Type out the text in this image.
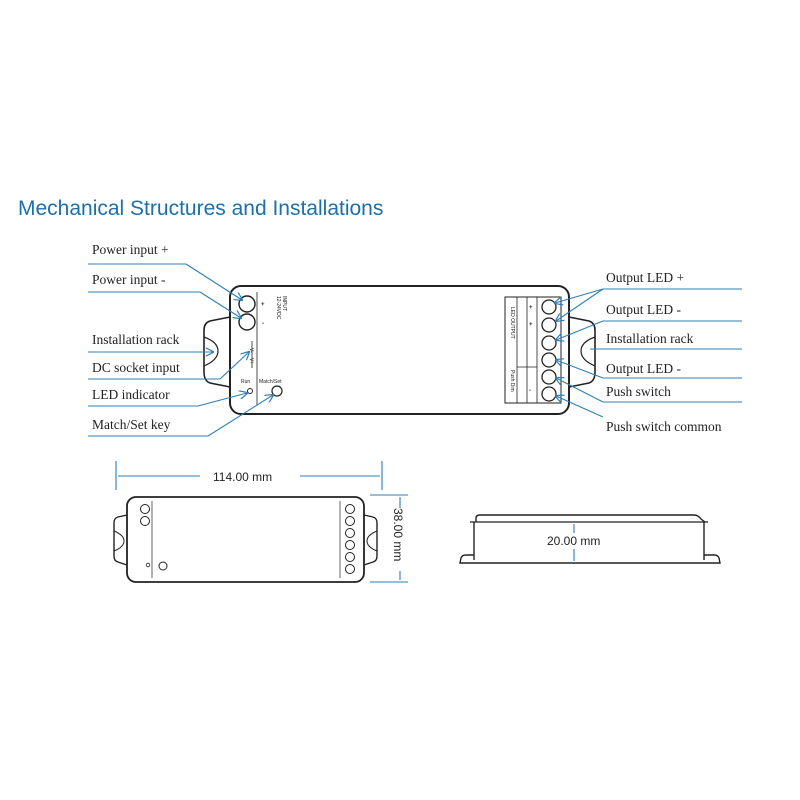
Mechanical Structures and Installations
+
-
INPUT
12-24VDC
V-
V+
Run Match/Set
LED OUTPUT
Push Dim
+
+
-
Power input +
Power input -
Installation rack
DC socket input
LED indicator
Match/Set key
Output LED +
Output LED -
Installation rack
Output LED -
Push switch
Push switch common
114.00 mm
38.00 mm	20.00 mm
